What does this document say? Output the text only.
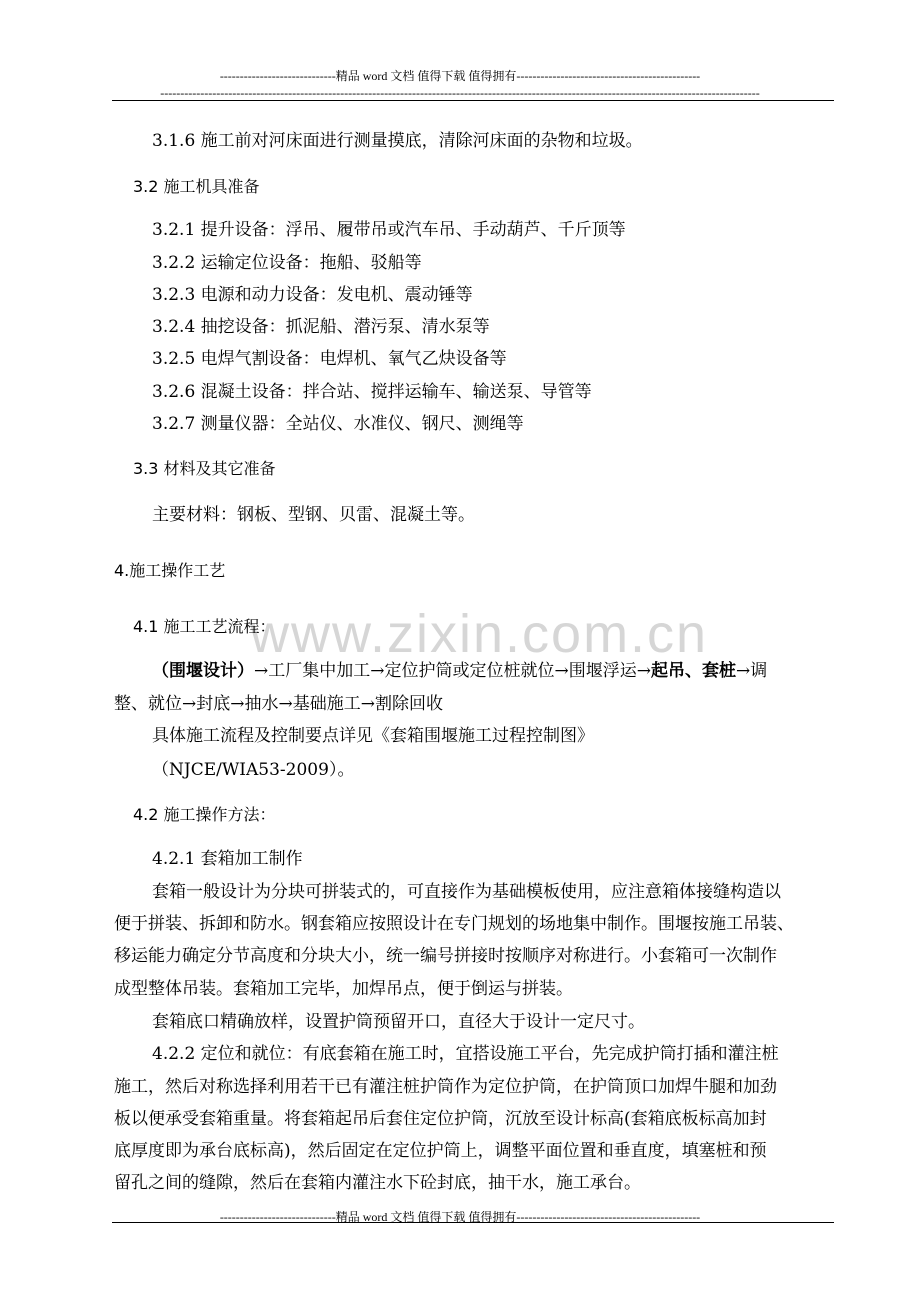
-----------------------------精品 word 文档 值得下载 值得拥有----------------------------------------------
------------------------------------------------------------------------------------------------------------------------------------------------------
www.zixin.com.cn
3.1.6 施工前对河床面进行测量摸底，清除河床面的杂物和垃圾。
3.2 施工机具准备
3.2.1 提升设备：浮吊、履带吊或汽车吊、手动葫芦、千斤顶等
3.2.2 运输定位设备：拖船、驳船等
3.2.3 电源和动力设备：发电机、震动锤等
3.2.4 抽挖设备：抓泥船、潜污泵、清水泵等
3.2.5 电焊气割设备：电焊机、氧气乙炔设备等
3.2.6 混凝土设备：拌合站、搅拌运输车、输送泵、导管等
3.2.7 测量仪器：全站仪、水准仪、钢尺、测绳等
3.3 材料及其它准备
主要材料：钢板、型钢、贝雷、混凝土等。
4.施工操作工艺
4.1 施工工艺流程：
（围堰设计）→工厂集中加工→定位护筒或定位桩就位→围堰浮运→起吊、套桩→调
整、就位→封底→抽水→基础施工→割除回收
具体施工流程及控制要点详见《套箱围堰施工过程控制图》
（NJCE/WIA53-2009）。
4.2 施工操作方法：
4.2.1 套箱加工制作
套箱一般设计为分块可拼装式的，可直接作为基础模板使用，应注意箱体接缝构造以
便于拼装、拆卸和防水。钢套箱应按照设计在专门规划的场地集中制作。围堰按施工吊装、
移运能力确定分节高度和分块大小，统一编号拼接时按顺序对称进行。小套箱可一次制作
成型整体吊装。套箱加工完毕，加焊吊点，便于倒运与拼装。
套箱底口精确放样，设置护筒预留开口，直径大于设计一定尺寸。
4.2.2 定位和就位：有底套箱在施工时，宜搭设施工平台，先完成护筒打插和灌注桩
施工，然后对称选择利用若干已有灌注桩护筒作为定位护筒，在护筒顶口加焊牛腿和加劲
板以便承受套箱重量。将套箱起吊后套住定位护筒，沉放至设计标高(套箱底板标高加封
底厚度即为承台底标高)，然后固定在定位护筒上，调整平面位置和垂直度，填塞桩和预
留孔之间的缝隙，然后在套箱内灌注水下砼封底，抽干水，施工承台。
-----------------------------精品 word 文档 值得下载 值得拥有----------------------------------------------
